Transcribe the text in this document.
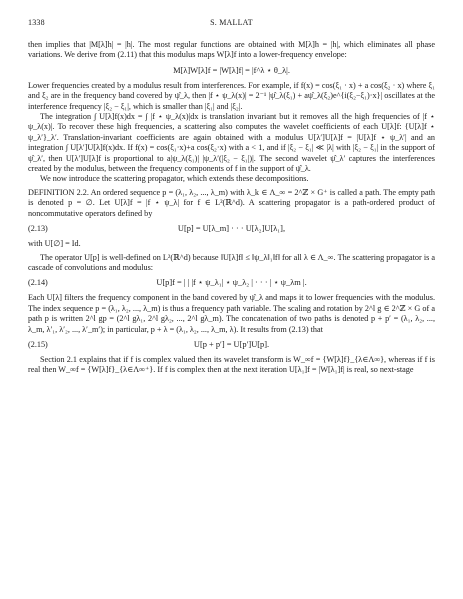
1338	S. MALLAT

then implies that |M[λ]h| = |h|. The most regular functions are obtained with M[λ]h = |h|, which eliminates all phase variations. We derive from (2.11) that this modulus maps W[λ]f into a lower-frequency envelope:

M[λ]W[λ]f = |W[λ]f| = |f^λ ⋆ θ_λ|.

Lower frequencies created by a modulus result from interferences. For example, if f(x) = cos(ξ₁ · x) + a cos(ξ₂ · x) where ξ₁ and ξ₂ are in the frequency band covered by ψ̂_λ, then |f ⋆ ψ_λ(x)| = 2⁻¹ |ψ̂_λ(ξ₁) + aψ̂_λ(ξ₂)e^{i(ξ₂−ξ₁)·x}| oscillates at the interference frequency |ξ₂ − ξ₁|, which is smaller than |ξ₁| and |ξ₂|.

The integration ∫ U[λ]f(x)dx = ∫ |f ⋆ ψ_λ(x)|dx is translation invariant but it removes all the high frequencies of |f ⋆ ψ_λ(x)|. To recover these high frequencies, a scattering also computes the wavelet coefficients of each U[λ]f: {U[λ]f ⋆ ψ_λ′}_λ′. Translation-invariant coefficients are again obtained with a modulus U[λ′]U[λ]f = |U[λ]f ⋆ ψ_λ′| and an integration ∫ U[λ′]U[λ]f(x)dx. If f(x) = cos(ξ₁·x)+a cos(ξ₂·x) with a < 1, and if |ξ₂ − ξ₁| ≪ |λ| with |ξ₂ − ξ₁| in the support of ψ̂_λ′, then U[λ′]U[λ]f is proportional to a|ψ_λ(ξ₁)| |ψ_λ′(|ξ₂ − ξ₁|)|. The second wavelet ψ̂_λ′ captures the interferences created by the modulus, between the frequency components of f in the support of ψ̂_λ.

We now introduce the scattering propagator, which extends these decompositions.

DEFINITION 2.2. An ordered sequence p = (λ₁, λ₂, ..., λ_m) with λ_k ∈ Λ_∞ = 2^ℤ × G⁺ is called a path. The empty path is denoted p = ∅. Let U[λ]f = |f ⋆ ψ_λ| for f ∈ L²(ℝ^d). A scattering propagator is a path-ordered product of noncommutative operators defined by

(2.13)	U[p] = U[λ_m] · · · U[λ₂]U[λ₁],

with U[∅] = Id.

The operator U[p] is well-defined on L²(ℝ^d) because ‖U[λ]f‖ ≤ ‖ψ_λ‖₁‖f‖ for all λ ∈ Λ_∞. The scattering propagator is a cascade of convolutions and modulus:

(2.14)	U[p]f = | | |f ⋆ ψ_λ₁| ⋆ ψ_λ₂ | · · · | ⋆ ψ_λm |.

Each U[λ] filters the frequency component in the band covered by ψ̂_λ and maps it to lower frequencies with the modulus. The index sequence p = (λ₁, λ₂, ..., λ_m) is thus a frequency path variable. The scaling and rotation by 2^l g ∈ 2^ℤ × G of a path p is written 2^l gp = (2^l gλ₁, 2^l gλ₂, ..., 2^l gλ_m). The concatenation of two paths is denoted p + p′ = (λ₁, λ₂, ..., λ_m, λ′₁, λ′₂, ..., λ′_m′); in particular, p + λ = (λ₁, λ₂, ..., λ_m, λ). It results from (2.13) that

(2.15)	U[p + p′] = U[p′]U[p].

Section 2.1 explains that if f is complex valued then its wavelet transform is W_∞f = {W[λ]f}_{λ∈Λ∞}, whereas if f is real then W_∞f = {W[λ]f}_{λ∈Λ∞⁺}. If f is complex then at the next iteration U[λ₁]f = |W[λ₁]f| is real, so next-stage
